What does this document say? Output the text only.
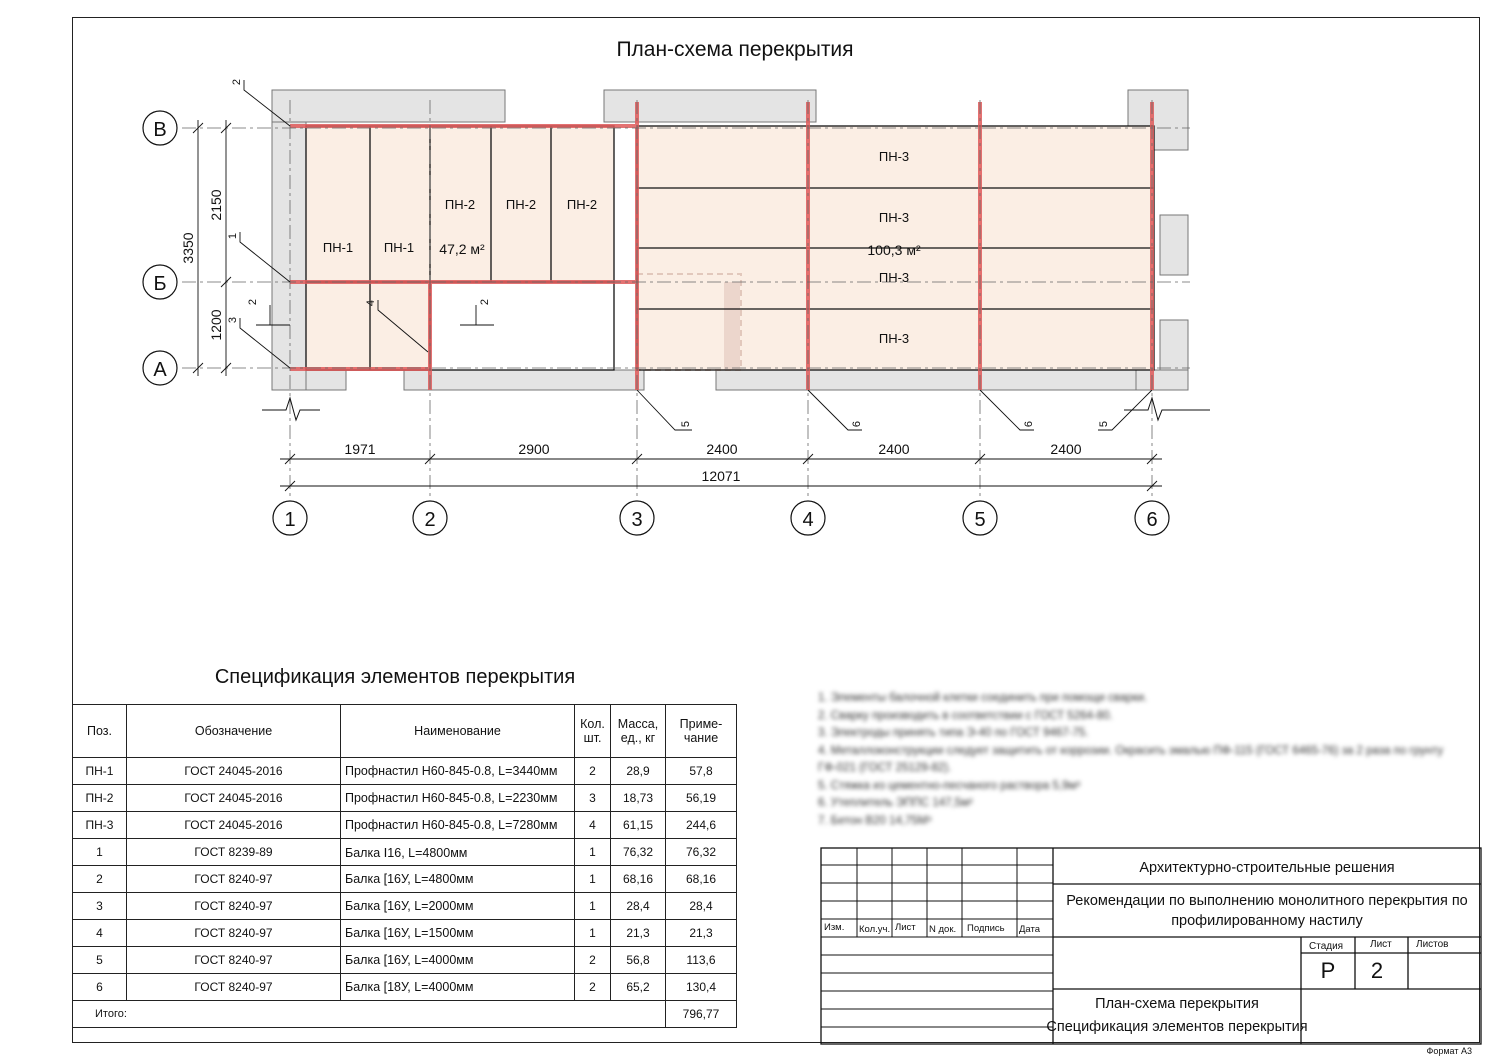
План-схема перекрытия
В
Б
А
1	2	3	4	5	6
1971	2900	2400	2400	2400
12071
2150
1200
3350	ПН-1 ПН-1
ПН-2 ПН-2 ПН-2
ПН-3
ПН-3
ПН-3
ПН-3
47,2 м²	100,3 м²
2
1
3
4
5	6	6	5
2	2
Спецификация элементов перекрытия
Поз.	Обозначение	Наименование	Кол. шт.	Масса, ед., кг	Приме- чание
ПН-1	ГОСТ 24045-2016	Профнастил Н60-845-0.8, L=3440мм	2	28,9	57,8
ПН-2	ГОСТ 24045-2016	Профнастил Н60-845-0.8, L=2230мм	3	18,73	56,19
ПН-3	ГОСТ 24045-2016	Профнастил Н60-845-0.8, L=7280мм	4	61,15	244,6
1	ГОСТ 8239-89	Балка Ⅰ16, L=4800мм	1	76,32	76,32
2	ГОСТ 8240-97	Балка [16У, L=4800мм	1	68,16	68,16
3	ГОСТ 8240-97	Балка [16У, L=2000мм	1	28,4	28,4
4	ГОСТ 8240-97	Балка [16У, L=1500мм	1	21,3	21,3
5	ГОСТ 8240-97	Балка [16У, L=4000мм	2	56,8	113,6
6	ГОСТ 8240-97	Балка [18У, L=4000мм	2	65,2	130,4
Итого:					796,77
1. Элементы балочной клетки соединить при помощи сварки.
2. Сварку производить в соответствии с ГОСТ 5264-80.
3. Электроды принять типа Э-40 по ГОСТ 9467-75.
4. Металлоконструкции следует защитить от коррозии. Окрасить эмалью ПФ-115 (ГОСТ 6465-76) за 2 раза по грунту
ГФ-021 (ГОСТ 25129-82).
5. Стяжка из цементно-песчаного раствора 5,9м³
6. Утеплитель ЭППС 147,5м²
7. Бетон В20 14,75М³
Изм. Кол.уч. Лист N док. Подпись Дата
Архитектурно-строительные решения
Рекомендации по выполнению монолитного перекрытия по
профилированному настилу
Стадия	Лист Листов
Р 2
План-схема перекрытия
Спецификация элементов перекрытия
Формат А3
